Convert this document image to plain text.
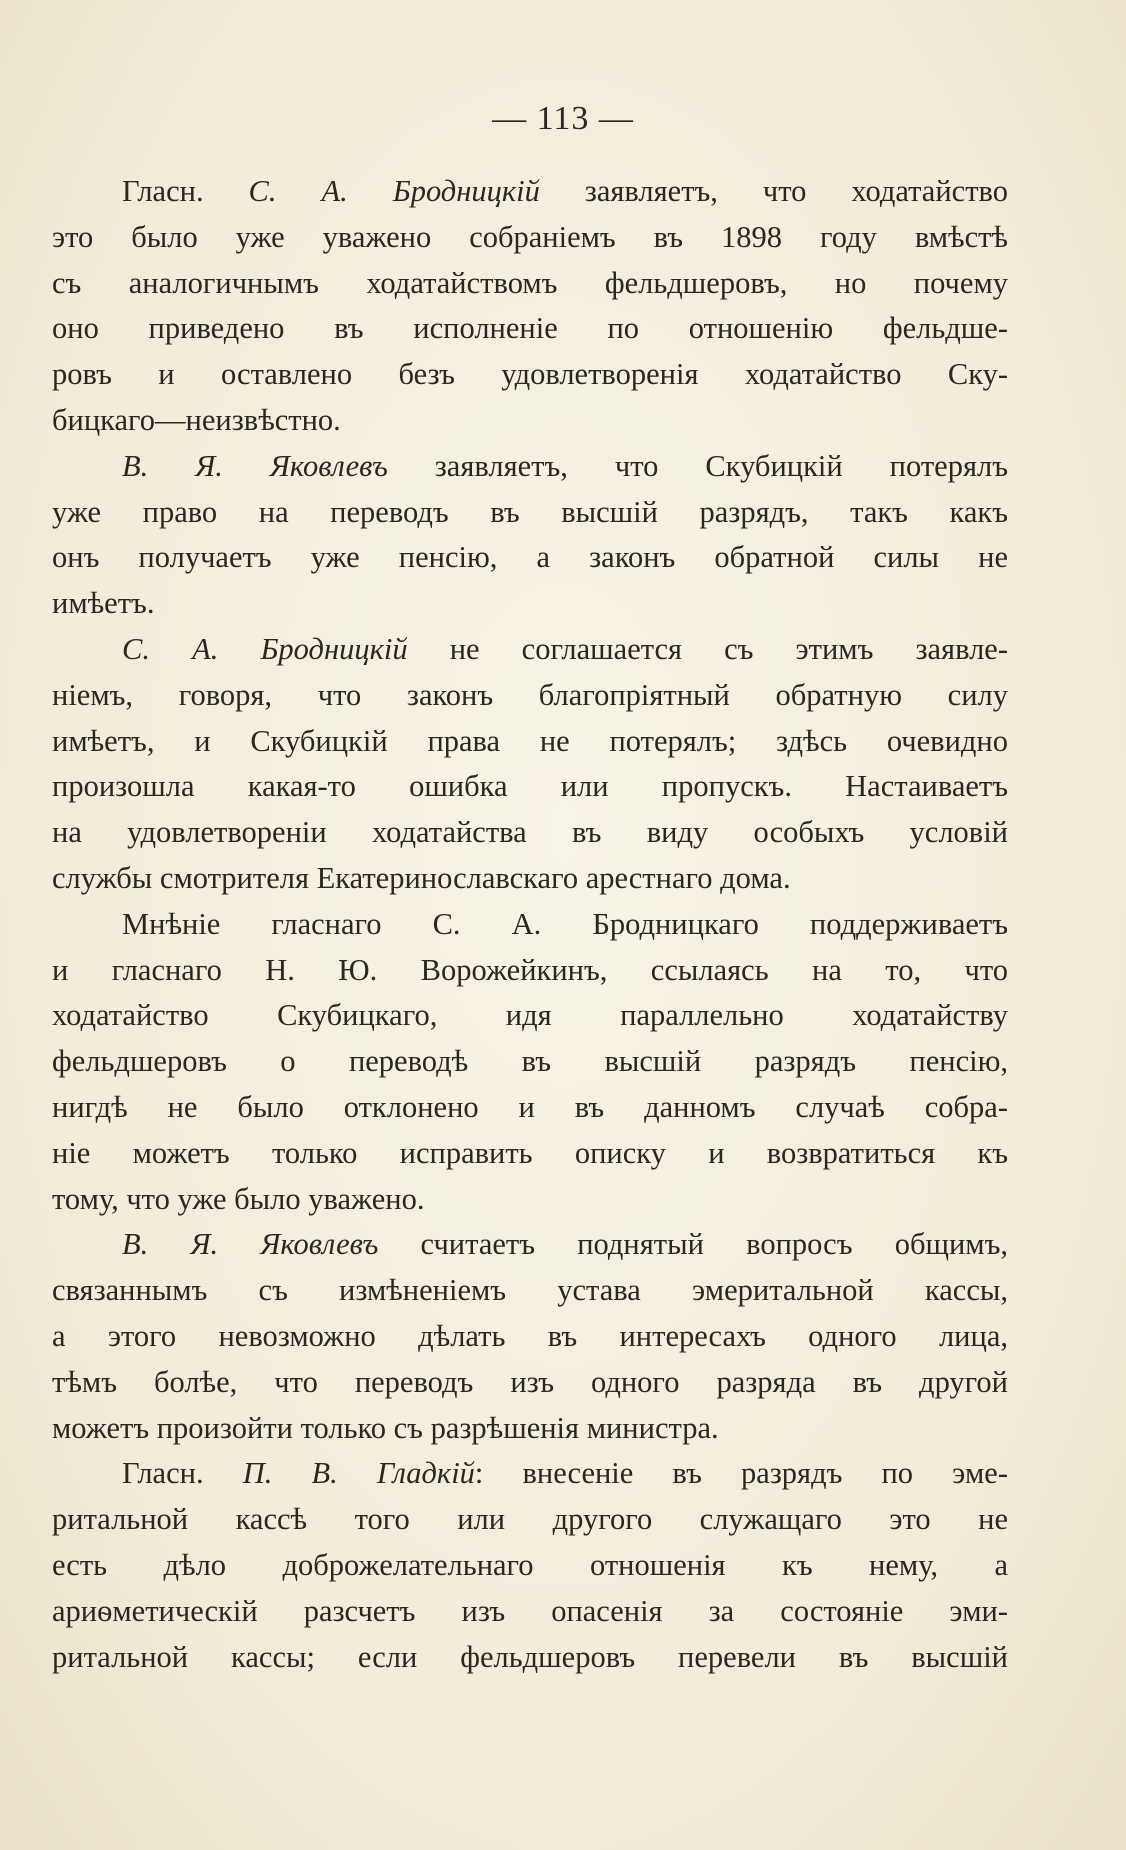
— 113 —
Гласн. С. А. Бродницкій заявляетъ, что ходатайство
это было уже уважено собраніемъ въ 1898 году вмѣстѣ
съ аналогичнымъ ходатайствомъ фельдшеровъ, но почему
оно приведено въ исполненіе по отношенію фельдше-
ровъ и оставлено безъ удовлетворенія ходатайство Ску-
бицкаго—неизвѣстно.
В. Я. Яковлевъ заявляетъ, что Скубицкій потерялъ
уже право на переводъ въ высшій разрядъ, такъ какъ
онъ получаетъ уже пенсію, а законъ обратной силы не
имѣетъ.
С. А. Бродницкій не соглашается съ этимъ заявле-
ніемъ, говоря, что законъ благопріятный обратную силу
имѣетъ, и Скубицкій права не потерялъ; здѣсь очевидно
произошла какая-то ошибка или пропускъ. Настаиваетъ
на удовлетвореніи ходатайства въ виду особыхъ условій
службы смотрителя Екатеринославскаго арестнаго дома.
Мнѣніе гласнаго С. А. Бродницкаго поддерживаетъ
и гласнаго Н. Ю. Ворожейкинъ, ссылаясь на то, что
ходатайство Скубицкаго, идя параллельно ходатайству
фельдшеровъ о переводѣ въ высшій разрядъ пенсію,
нигдѣ не было отклонено и въ данномъ случаѣ собра-
ніе можетъ только исправить описку и возвратиться къ
тому, что уже было уважено.
В. Я. Яковлевъ считаетъ поднятый вопросъ общимъ,
связаннымъ съ измѣненіемъ устава эмеритальной кассы,
а этого невозможно дѣлать въ интересахъ одного лица,
тѣмъ болѣе, что переводъ изъ одного разряда въ другой
можетъ произойти только съ разрѣшенія министра.
Гласн. П. В. Гладкій: внесеніе въ разрядъ по эме-
ритальной кассѣ того или другого служащаго это не
есть дѣло доброжелательнаго отношенія къ нему, а
ариѳметическій разсчетъ изъ опасенія за состояніе эми-
ритальной кассы; если фельдшеровъ перевели въ высшій
